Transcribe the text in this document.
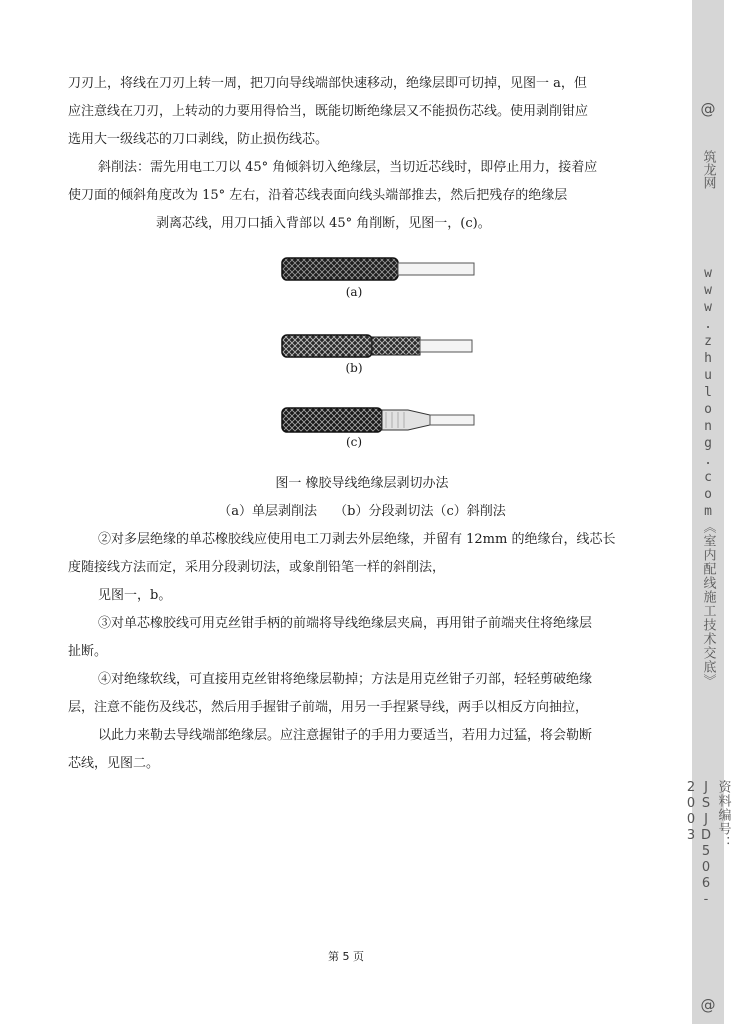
@
筑龙网
www.zhulong.com
《室内配线施工技术交底》
资料编号：JSJD506-2003
@
刀刃上，将线在刀刃上转一周，把刀向导线端部快速移动，绝缘层即可切掉，见图一 a，但
应注意线在刀刃，上转动的力要用得恰当，既能切断绝缘层又不能损伤芯线。使用剥削钳应
选用大一级线芯的刀口剥线，防止损伤线芯。
斜削法：需先用电工刀以 45° 角倾斜切入绝缘层，当切近芯线时，即停止用力，接着应
使刀面的倾斜角度改为 15° 左右，沿着芯线表面向线头端部推去，然后把残存的绝缘层
剥离芯线，用刀口插入背部以 45° 角削断，见图一，(c)。
(a)
(b)
(c)
图一 橡胶导线绝缘层剥切办法
（a）单层剥削法　 （b）分段剥切法（c）斜削法
②对多层绝缘的单芯橡胶线应使用电工刀剥去外层绝缘，并留有 12mm 的绝缘台，线芯长
度随接线方法而定，采用分段剥切法，或象削铅笔一样的斜削法，
见图一，b。
③对单芯橡胶线可用克丝钳手柄的前端将导线绝缘层夹扁，再用钳子前端夹住将绝缘层
扯断。
④对绝缘软线，可直接用克丝钳将绝缘层勒掉；方法是用克丝钳子刃部，轻轻剪破绝缘
层，注意不能伤及线芯，然后用手握钳子前端，用另一手捏紧导线，两手以相反方向抽拉，
以此力来勒去导线端部绝缘层。应注意握钳子的手用力要适当，若用力过猛，将会勒断
芯线，见图二。
第 5 页
